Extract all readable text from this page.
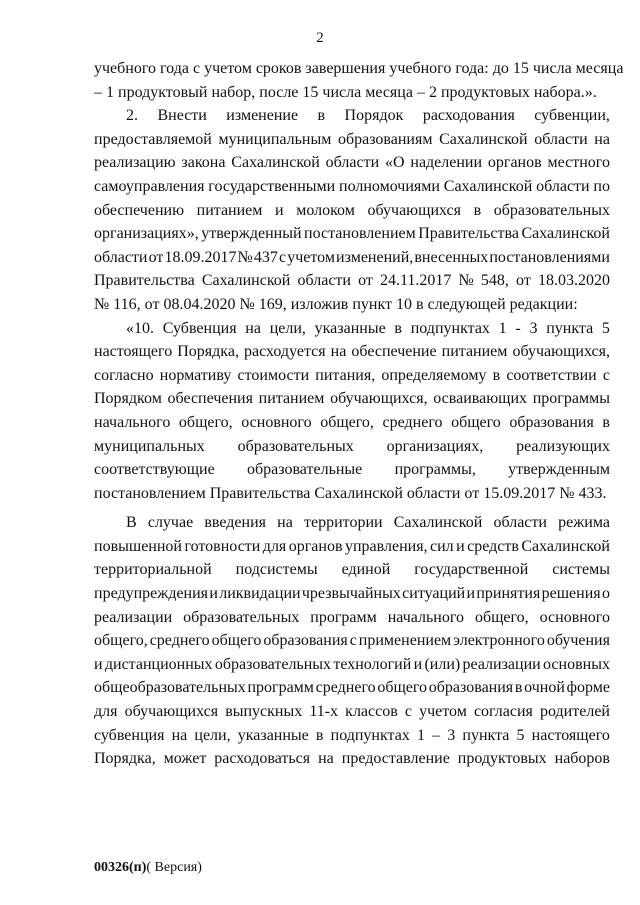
2
учебного года с учетом сроков завершения учебного года: до 15 числа месяца
– 1 продуктовый набор, после 15 числа месяца – 2 продуктовых набора.».
2. Внести изменение в Порядок расходования субвенции,
предоставляемой муниципальным образованиям Сахалинской области на
реализацию закона Сахалинской области «О наделении органов местного
самоуправления государственными полномочиями Сахалинской области по
обеспечению питанием и молоком обучающихся в образовательных
организациях», утвержденный постановлением Правительства Сахалинской
области от 18.09.2017 № 437 с учетом изменений, внесенных постановлениями
Правительства Сахалинской области от 24.11.2017 № 548, от 18.03.2020
№ 116, от 08.04.2020 № 169, изложив пункт 10 в следующей редакции:
«10. Субвенция на цели, указанные в подпунктах 1 - 3 пункта 5
настоящего Порядка, расходуется на обеспечение питанием обучающихся,
согласно нормативу стоимости питания, определяемому в соответствии с
Порядком обеспечения питанием обучающихся, осваивающих программы
начального общего, основного общего, среднего общего образования в
муниципальных образовательных организациях, реализующих
соответствующие образовательные программы, утвержденным
постановлением Правительства Сахалинской области от 15.09.2017 № 433.
В случае введения на территории Сахалинской области режима
повышенной готовности для органов управления, сил и средств Сахалинской
территориальной подсистемы единой государственной системы
предупреждения и ликвидации чрезвычайных ситуаций и принятия решения о
реализации образовательных программ начального общего, основного
общего, среднего общего образования с применением электронного обучения
и дистанционных образовательных технологий и (или) реализации основных
общеобразовательных программ среднего общего образования в очной форме
для обучающихся выпускных 11-х классов с учетом согласия родителей
субвенция на цели, указанные в подпунктах 1 – 3 пункта 5 настоящего
Порядка, может расходоваться на предоставление продуктовых наборов
00326(п)( Версия)
